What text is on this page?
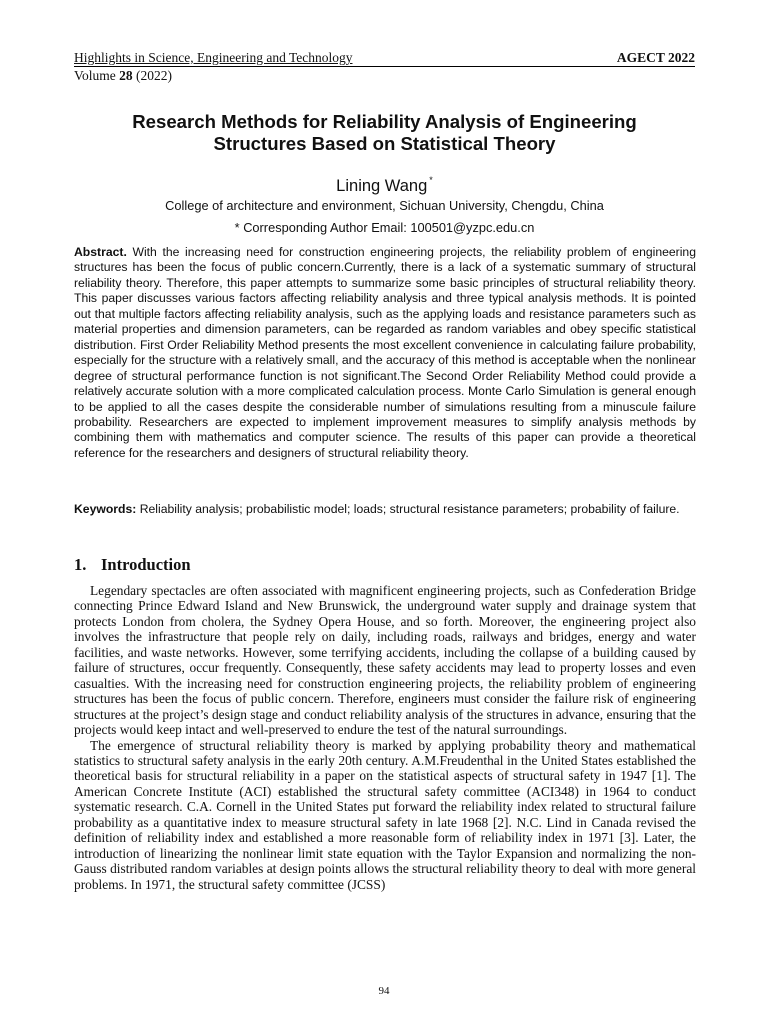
Highlights in Science, Engineering and Technology	AGECT 2022
Volume 28 (2022)
Research Methods for Reliability Analysis of Engineering
Structures Based on Statistical Theory
Lining Wang *
College of architecture and environment, Sichuan University, Chengdu, China
* Corresponding Author Email: 100501@yzpc.edu.cn
Abstract. With the increasing need for construction engineering projects, the reliability problem of engineering structures has been the focus of public concern.Currently, there is a lack of a systematic summary of structural reliability theory. Therefore, this paper attempts to summarize some basic principles of structural reliability theory. This paper discusses various factors affecting reliability analysis and three typical analysis methods. It is pointed out that multiple factors affecting reliability analysis, such as the applying loads and resistance parameters such as material properties and dimension parameters, can be regarded as random variables and obey specific statistical distribution. First Order Reliability Method presents the most excellent convenience in calculating failure probability, especially for the structure with a relatively small, and the accuracy of this method is acceptable when the nonlinear degree of structural performance function is not significant.The Second Order Reliability Method could provide a relatively accurate solution with a more complicated calculation process. Monte Carlo Simulation is general enough to be applied to all the cases despite the considerable number of simulations resulting from a minuscule failure probability. Researchers are expected to implement improvement measures to simplify analysis methods by combining them with mathematics and computer science. The results of this paper can provide a theoretical reference for the researchers and designers of structural reliability theory.
Keywords: Reliability analysis; probabilistic model; loads; structural resistance parameters; probability of failure.
1. Introduction

Legendary spectacles are often associated with magnificent engineering projects, such as Confederation Bridge connecting Prince Edward Island and New Brunswick, the underground water supply and drainage system that protects London from cholera, the Sydney Opera House, and so forth. Moreover, the engineering project also involves the infrastructure that people rely on daily, including roads, railways and bridges, energy and water facilities, and waste networks. However, some terrifying accidents, including the collapse of a building caused by failure of structures, occur frequently. Consequently, these safety accidents may lead to property losses and even casualties. With the increasing need for construction engineering projects, the reliability problem of engineering structures has been the focus of public concern. Therefore, engineers must consider the failure risk of engineering structures at the project’s design stage and conduct reliability analysis of the structures in advance, ensuring that the projects would keep intact and well-preserved to endure the test of the natural surroundings.

The emergence of structural reliability theory is marked by applying probability theory and mathematical statistics to structural safety analysis in the early 20th century. A.M.Freudenthal in the United States established the theoretical basis for structural reliability in a paper on the statistical aspects of structural safety in 1947 [1]. The American Concrete Institute (ACI) established the structural safety committee (ACI348) in 1964 to conduct systematic research. C.A. Cornell in the United States put forward the reliability index related to structural failure probability as a quantitative index to measure structural safety in late 1968 [2]. N.C. Lind in Canada revised the definition of reliability index and established a more reasonable form of reliability index in 1971 [3]. Later, the introduction of linearizing the nonlinear limit state equation with the Taylor Expansion and normalizing the non-Gauss distributed random variables at design points allows the structural reliability theory to deal with more general problems. In 1971, the structural safety committee (JCSS)

94
